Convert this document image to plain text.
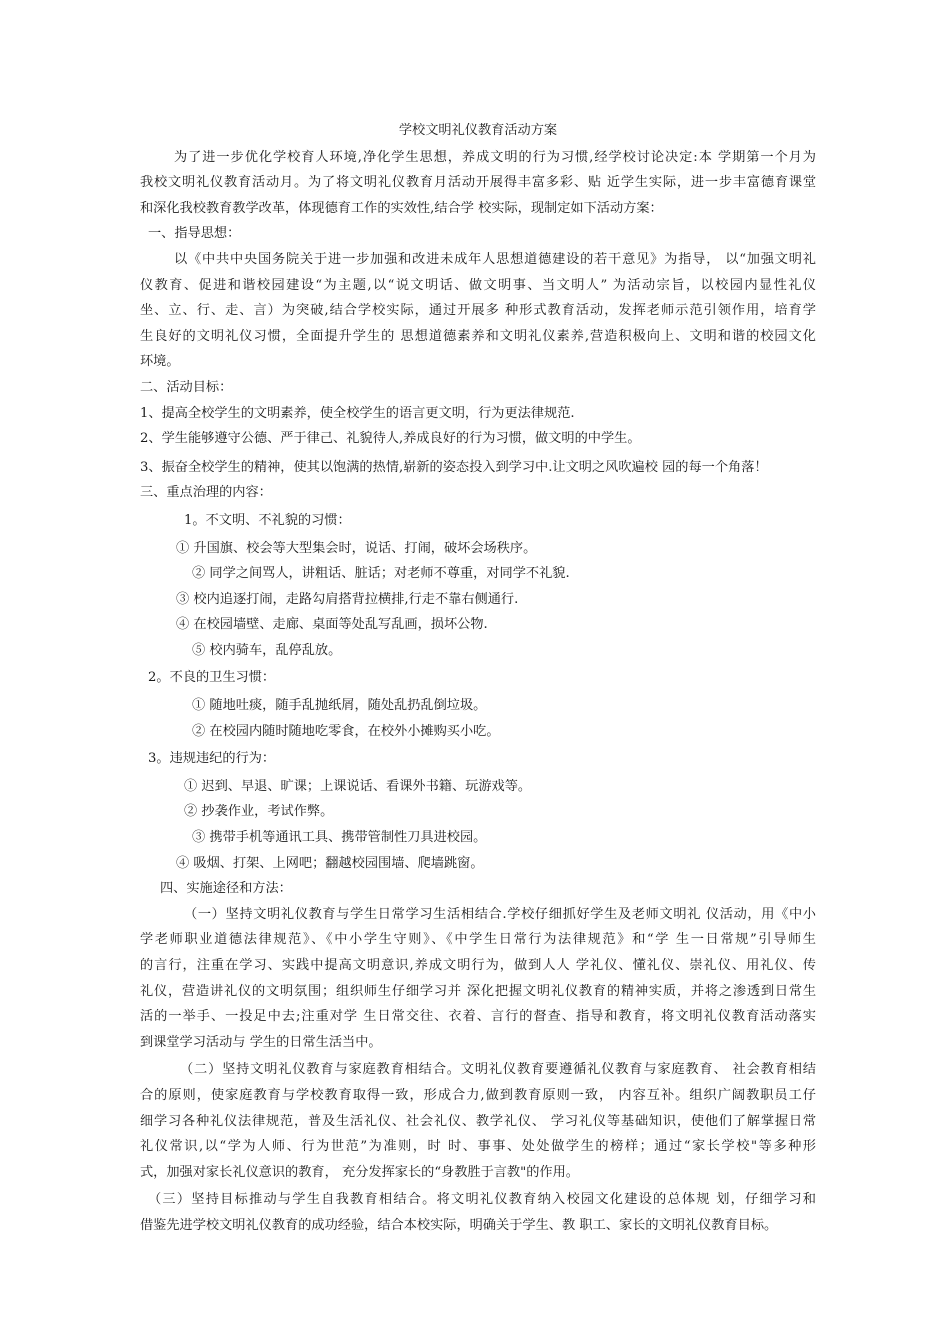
学校文明礼仪教育活动方案

为了进一步优化学校育人环境,净化学生思想，养成文明的行为习惯,经学校讨论决定:本 学期第一个月为

我校文明礼仪教育活动月。为了将文明礼仪教育月活动开展得丰富多彩、贴 近学生实际，进一步丰富德育课堂

和深化我校教育教学改革，体现德育工作的实效性,结合学 校实际，现制定如下活动方案：

一、指导思想：

以《中共中央国务院关于进一步加强和改进未成年人思想道德建设的若干意见》为指导， 以“加强文明礼

仪教育、促进和谐校园建设“为主题,以“说文明话、做文明事、当文明人” 为活动宗旨，以校园内显性礼仪

坐、立、行、走、言）为突破,结合学校实际，通过开展多 种形式教育活动，发挥老师示范引领作用，培育学

生良好的文明礼仪习惯，全面提升学生的 思想道德素养和文明礼仪素养,营造积极向上、文明和谐的校园文化

环境。

二、活动目标：

1、提高全校学生的文明素养，使全校学生的语言更文明，行为更法律规范.

2、学生能够遵守公德、严于律己、礼貌待人,养成良好的行为习惯，做文明的中学生。

3、振奋全校学生的精神，使其以饱满的热情,崭新的姿态投入到学习中.让文明之风吹遍校 园的每一个角落！

三、重点治理的内容：

1。不文明、不礼貌的习惯：

① 升国旗、校会等大型集会时，说话、打闹，破坏会场秩序。

② 同学之间骂人，讲粗话、脏话；对老师不尊重，对同学不礼貌.

③ 校内追逐打闹，走路勾肩搭背拉横排,行走不靠右侧通行.

④ 在校园墙壁、走廊、桌面等处乱写乱画，损坏公物.

⑤ 校内骑车，乱停乱放。

2。不良的卫生习惯：

① 随地吐痰，随手乱抛纸屑，随处乱扔乱倒垃圾。

② 在校园内随时随地吃零食，在校外小摊购买小吃。

3。违规违纪的行为：

① 迟到、早退、旷课；上课说话、看课外书籍、玩游戏等。

② 抄袭作业，考试作弊。

③ 携带手机等通讯工具、携带管制性刀具进校园。

④ 吸烟、打架、上网吧；翻越校园围墙、爬墙跳窗。

四、实施途径和方法：

（一）坚持文明礼仪教育与学生日常学习生活相结合.学校仔细抓好学生及老师文明礼 仪活动，用《中小

学老师职业道德法律规范》、《中小学生守则》、《中学生日常行为法律规范》和“学 生一日常规”引导师生

的言行，注重在学习、实践中提高文明意识,养成文明行为，做到人人 学礼仪、懂礼仪、崇礼仪、用礼仪、传

礼仪，营造讲礼仪的文明氛围；组织师生仔细学习并 深化把握文明礼仪教育的精神实质，并将之渗透到日常生

活的一举手、一投足中去;注重对学 生日常交往、衣着、言行的督查、指导和教育，将文明礼仪教育活动落实

到课堂学习活动与 学生的日常生活当中。

（二）坚持文明礼仪教育与家庭教育相结合。文明礼仪教育要遵循礼仪教育与家庭教育、 社会教育相结

合的原则，使家庭教育与学校教育取得一致，形成合力,做到教育原则一致， 内容互补。组织广阔教职员工仔

细学习各种礼仪法律规范，普及生活礼仪、社会礼仪、教学礼仪、 学习礼仪等基础知识，使他们了解掌握日常

礼仪常识,以“学为人师、行为世范”为准则，时 时、事事、处处做学生的榜样；通过“家长学校"等多种形

式，加强对家长礼仪意识的教育， 充分发挥家长的“身教胜于言教"的作用。

（三）坚持目标推动与学生自我教育相结合。将文明礼仪教育纳入校园文化建设的总体规 划，仔细学习和

借鉴先进学校文明礼仪教育的成功经验，结合本校实际，明确关于学生、教 职工、家长的文明礼仪教育目标。
